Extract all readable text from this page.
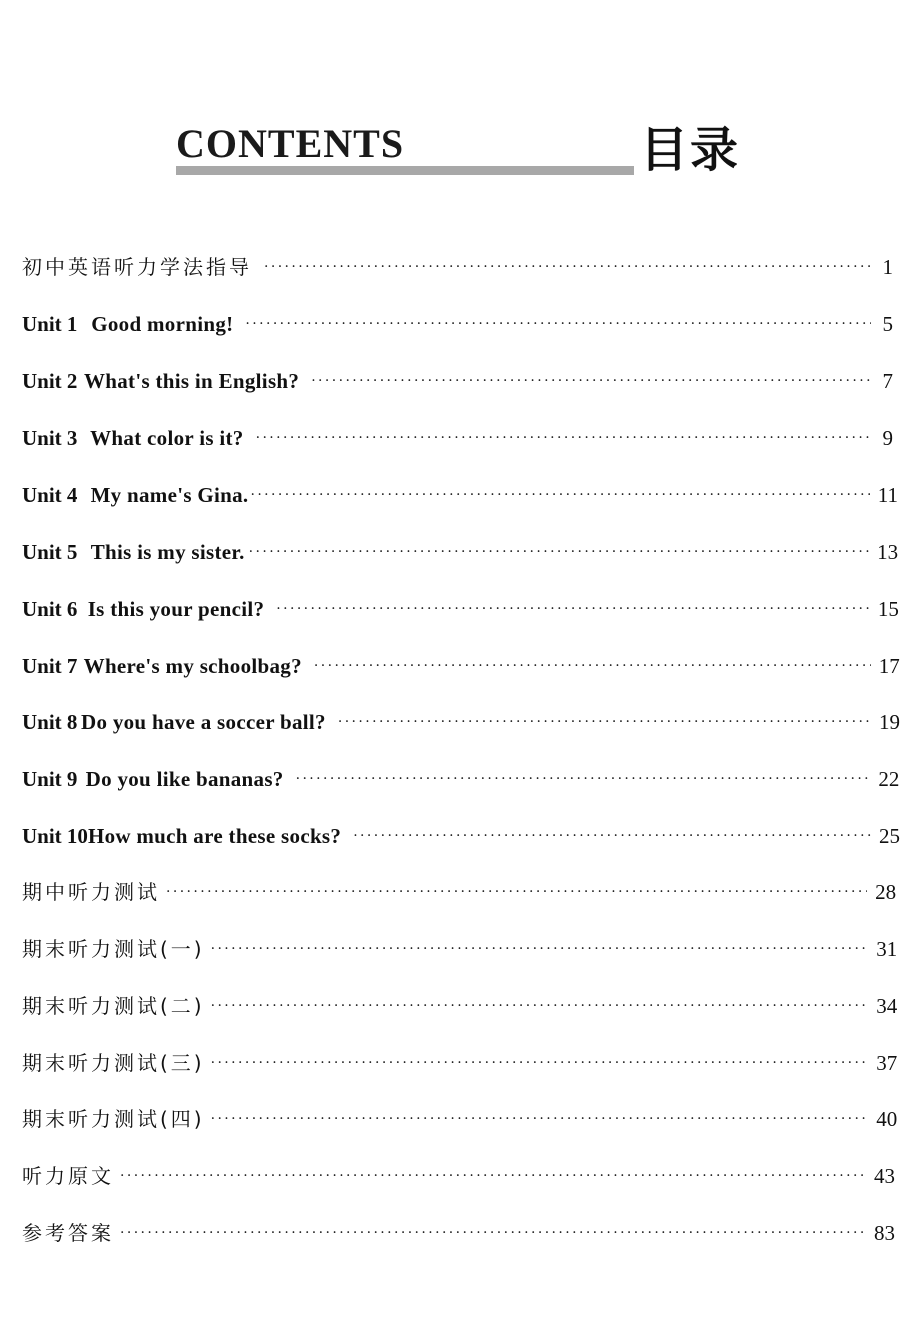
CONTENTS	目录
初中英语听力学法指导 ·····	1
Unit 1 Good morning! ·····	5
Unit 2 What's this in English? ·····	7
Unit 3 What color is it? ·····	9
Unit 4 My name's Gina. ·····	11
Unit 5 This is my sister. ·····	13
Unit 6 Is this your pencil? ·····	15
Unit 7 Where's my schoolbag? ·····	17
Unit 8 Do you have a soccer ball? ·····	19
Unit 9 Do you like bananas? ·····	22
Unit 10 How much are these socks? ·····	25
期中听力测试 ·····	28
期末听力测试(一) ·····	31
期末听力测试(二) ·····	34
期末听力测试(三) ·····	37
期末听力测试(四) ·····	40
听力原文 ·····	43
参考答案 ·····	83
